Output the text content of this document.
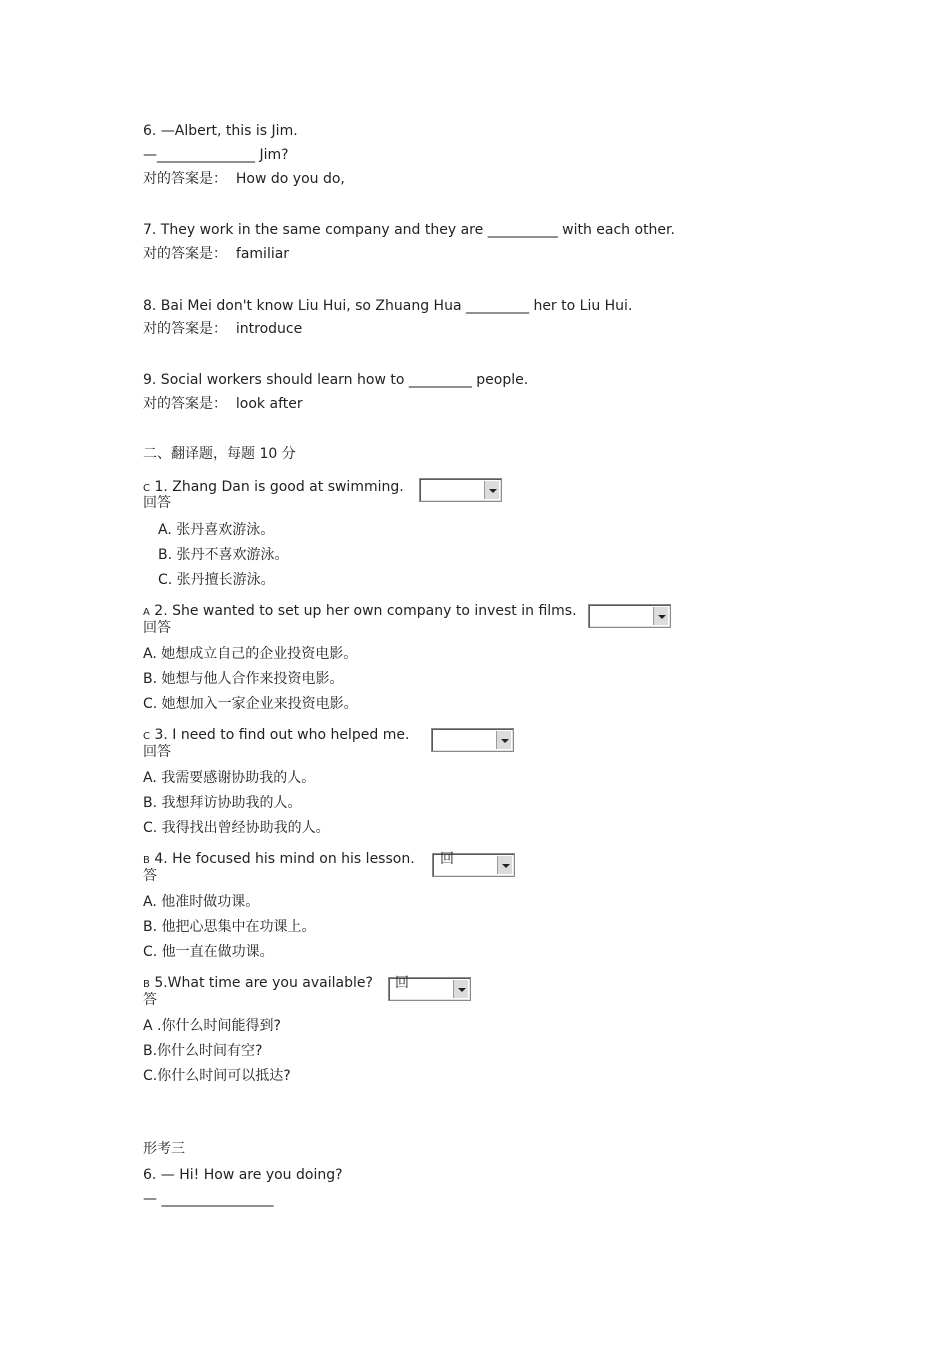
6. —Albert, this is Jim.
—______________ Jim?
对的答案是： How do you do,
7. They work in the same company and they are __________ with each other.
对的答案是： familiar
8. Bai Mei don't know Liu Hui, so Zhuang Hua _________ her to Liu Hui.
对的答案是： introduce
9. Social workers should learn how to _________ people.
对的答案是： look after
二、翻译题，每题 10 分
C 1. Zhang Dan is good at swimming.
回答
A. 张丹喜欢游泳。
B. 张丹不喜欢游泳。
C. 张丹擅长游泳。
A 2. She wanted to set up her own company to invest in films.
回答
A. 她想成立自己的企业投资电影。
B. 她想与他人合作来投资电影。
C. 她想加入一家企业来投资电影。
C 3. I need to find out who helped me.
回答
A. 我需要感谢协助我的人。
B. 我想拜访协助我的人。
C. 我得找出曾经协助我的人。
B 4. He focused his mind on his lesson. 回
答
A. 他准时做功课。
B. 他把心思集中在功课上。
C. 他一直在做功课。
B 5.What time are you available? 回
答
A .你什么时间能得到?
B.你什么时间有空?
C.你什么时间可以抵达?
形考三
6. — Hi! How are you doing?
— ________________
